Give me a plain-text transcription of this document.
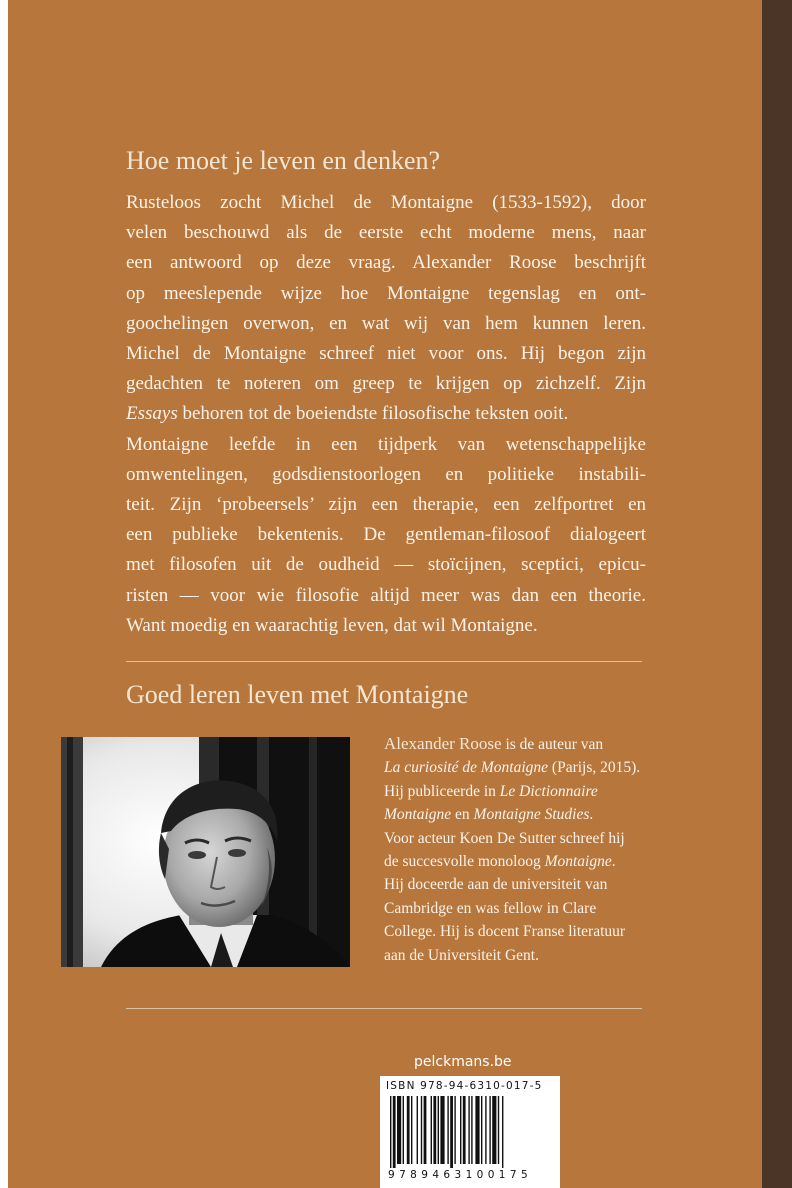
Hoe moet je leven en denken?
Rusteloos zocht Michel de Montaigne (1533-1592), door
velen beschouwd als de eerste echt moderne mens, naar
een antwoord op deze vraag. Alexander Roose beschrijft
op meeslepende wijze hoe Montaigne tegenslag en ont-
goochelingen overwon, en wat wij van hem kunnen leren.
Michel de Montaigne schreef niet voor ons. Hij begon zijn
gedachten te noteren om greep te krijgen op zichzelf. Zijn
Essays behoren tot de boeiendste filosofische teksten ooit.
Montaigne leefde in een tijdperk van wetenschappelijke
omwentelingen, godsdienstoorlogen en politieke instabili-
teit. Zijn ‘probeersels’ zijn een therapie, een zelfportret en
een publieke bekentenis. De gentleman-filosoof dialogeert
met filosofen uit de oudheid — stoïcijnen, sceptici, epicu-
risten — voor wie filosofie altijd meer was dan een theorie.
Want moedig en waarachtig leven, dat wil Montaigne.
Goed leren leven met Montaigne
Alexander Roose is de auteur van
La curiosité de Montaigne (Parijs, 2015).
Hij publiceerde in Le Dictionnaire
Montaigne en Montaigne Studies.
Voor acteur Koen De Sutter schreef hij
de succesvolle monoloog Montaigne.
Hij doceerde aan de universiteit van
Cambridge en was fellow in Clare
College. Hij is docent Franse literatuur
aan de Universiteit Gent.
pelckmans.be
ISBN 978-94-6310-017-5
9789463100175
